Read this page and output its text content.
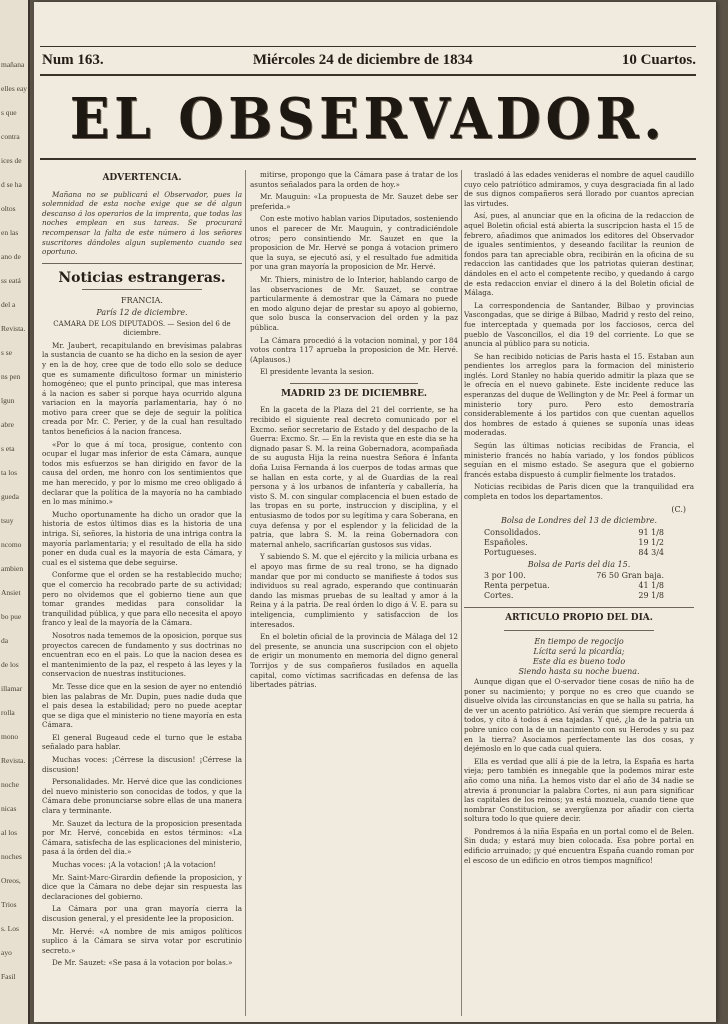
mañana
elles eay
s que
contra
ices de
d se ha
oltos
en las
ano de
ss eatá
del a
Revista.
s se
ns pen
lgun
abre
s eta
ta los
gueda
tsuy
ncomo
ambien
Ansiet
bo pue
da
de los
illamar
rolla
mono
Revista.
noche
nicas
al los
noches
Oreos,
Trios
s. Los
ayo
Fasil
Num 163.	Miércoles 24 de diciembre de 1834	10 Cuartos.
EL OBSERVADOR.
ADVERTENCIA.
Mañana no se publicará el Observador, pues la solemnidad de esta noche exige que se dé algun descanso á los operarios de la imprenta, que todas las noches emplean en sus tareas. Se procurará recompensar la falta de este número á los señores suscritores dándoles algun suplemento cuando sea oportuno.
Noticias estrangeras.
FRANCIA.
París 12 de diciembre.
CAMARA DE LOS DIPUTADOS. — Sesion del 6 de diciembre.
Mr. Jaubert, recapitulando en brevísimas palabras la sustancia de cuanto se ha dicho en la sesion de ayer y en la de hoy, cree que de todo ello solo se deduce que es sumamente dificultoso formar un ministerio homogéneo; que el punto principal, que mas interesa á la nacion es saber si porque haya ocurrido alguna variacion en la mayoría parlamentaria, hay ó no motivo para creer que se deje de seguir la política creada por Mr. C. Perier, y de la cual han resultado tantos beneficios á la nacion francesa.
«Por lo que á mí toca, prosigue, contento con ocupar el lugar mas inferior de esta Cámara, aunque todos mis esfuerzos se han dirigido en favor de la causa del orden, me honro con los sentimientos que me han merecido, y por lo mismo me creo obligado á declarar que la política de la mayoría no ha cambiado en lo mas mínimo.»
Mucho oportunamente ha dicho un orador que la historia de estos últimos dias es la historia de una intriga. Sí, señores, la historia de una intriga contra la mayoría parlamentaria; y el resultado de ella ha sido poner en duda cual es la mayoría de esta Cámara, y cual es el sistema que debe seguirse.
Conforme que el orden se ha restablecido mucho; que el comercio ha recobrado parte de su actividad; pero no olvidemos que el gobierno tiene aun que tomar grandes medidas para consolidar la tranquilidad pública, y que para ello necesita el apoyo franco y leal de la mayoría de la Cámara.
Nosotros nada tememos de la oposicion, porque sus proyectos carecen de fundamento y sus doctrinas no encuentran eco en el pais. Lo que la nacion desea es el mantenimiento de la paz, el respeto á las leyes y la conservacion de nuestras instituciones.
Mr. Tesse dice que en la sesion de ayer no entendió bien las palabras de Mr. Dupin, pues nadie duda que el pais desea la estabilidad; pero no puede aceptar que se diga que el ministerio no tiene mayoría en esta Cámara.
El general Bugeaud cede el turno que le estaba señalado para hablar.
Muchas voces: ¡Cérrese la discusion! ¡Cérrese la discusion!
Personalidades. Mr. Hervé dice que las condiciones del nuevo ministerio son conocidas de todos, y que la Cámara debe pronunciarse sobre ellas de una manera clara y terminante.
Mr. Sauzet da lectura de la proposicion presentada por Mr. Hervé, concebida en estos términos: «La Cámara, satisfecha de las esplicaciones del ministerio, pasa á la órden del dia.»
Muchas voces: ¡A la votacion! ¡A la votacion!
Mr. Saint-Marc-Girardin defiende la proposicion, y dice que la Cámara no debe dejar sin respuesta las declaraciones del gobierno.
La Cámara por una gran mayoría cierra la discusion general, y el presidente lee la proposicion.
Mr. Hervé: «A nombre de mis amigos políticos suplico á la Cámara se sirva votar por escrutinio secreto.»
De Mr. Sauzet: «Se pasa á la votacion por bolas.»
mitirse, propongo que la Cámara pase á tratar de los asuntos señalados para la orden de hoy.»
Mr. Mauguin: «La propuesta de Mr. Sauzet debe ser preferida.»
Con este motivo hablan varios Diputados, sosteniendo unos el parecer de Mr. Mauguin, y contradiciéndole otros; pero consintiendo Mr. Sauzet en que la proposicion de Mr. Hervé se ponga á votacion primero que la suya, se ejecutó así, y el resultado fue admitida por una gran mayoría la proposicion de Mr. Hervé.
Mr. Thiers, ministro de lo Interior, hablando cargo de las observaciones de Mr. Sauzet, se contrae particularmente á demostrar que la Cámara no puede en modo alguno dejar de prestar su apoyo al gobierno, que solo busca la conservacion del orden y la paz pública.
La Cámara procedió á la votacion nominal, y por 184 votos contra 117 aprueba la proposicion de Mr. Hervé. (Aplausos.)
El presidente levanta la sesion.
MADRID 23 DE DICIEMBRE.
En la gaceta de la Plaza del 21 del corriente, se ha recibido el siguiente real decreto comunicado por el Excmo. señor secretario de Estado y del despacho de la Guerra: Excmo. Sr. — En la revista que en este dia se ha dignado pasar S. M. la reina Gobernadora, acompañada de su augusta Hija la reina nuestra Señora é Infanta doña Luisa Fernanda á los cuerpos de todas armas que se hallan en esta corte, y al de Guardias de la real persona y á los urbanos de infantería y caballería, ha visto S. M. con singular complacencia el buen estado de las tropas en su porte, instruccion y disciplina, y el entusiasmo de todos por su legítima y cara Soberana, en cuya defensa y por el esplendor y la felicidad de la patria, que labra S. M. la reina Gobernadora con maternal anhelo, sacrificarían gustosos sus vidas.
Y sabiendo S. M. que el ejército y la milicia urbana es el apoyo mas firme de su real trono, se ha dignado mandar que por mi conducto se manifieste á todos sus individuos su real agrado, esperando que continuarán dando las mismas pruebas de su lealtad y amor á la Reina y á la patria. De real órden lo digo á V. E. para su inteligencia, cumplimiento y satisfaccion de los interesados.
En el boletin oficial de la provincia de Málaga del 12 del presente, se anuncia una suscripcion con el objeto de erigir un monumento en memoria del digno general Torrijos y de sus compañeros fusilados en aquella capital, como víctimas sacrificadas en defensa de las libertades pátrias.
trasladó á las edades venideras el nombre de aquel caudillo cuyo celo patriótico admiramos, y cuya desgraciada fin al lado de sus dignos compañeros será llorado por cuantos aprecian las virtudes.
Así, pues, al anunciar que en la oficina de la redaccion de aquel Boletin oficial está abierta la suscripcion hasta el 15 de febrero, añadimos que animados los editores del Observador de iguales sentimientos, y deseando facilitar la reunion de fondos para tan apreciable obra, recibirán en la oficina de su redaccion las cantidades que los patriotas quieran destinar, dándoles en el acto el competente recibo, y quedando á cargo de esta redaccion enviar el dinero á la del Boletin oficial de Málaga.
La correspondencia de Santander, Bilbao y provincias Vascongadas, que se dirige á Bilbao, Madrid y resto del reino, fue interceptada y quemada por los facciosos, cerca del pueblo de Vasconcillos, el dia 19 del corriente. Lo que se anuncia al público para su noticia.
Se han recibido noticias de Paris hasta el 15. Estaban aun pendientes los arreglos para la formacion del ministerio inglés. Lord Stanley no había querido admitir la plaza que se le ofrecía en el nuevo gabinete. Este incidente reduce las esperanzas del duque de Wellington y de Mr. Peel á formar un ministerio tory puro. Pero esto demostraría considerablemente á los partidos con que cuentan aquellos dos hombres de estado á quienes se suponía unas ideas moderadas.
Según las últimas noticias recibidas de Francia, el ministerio francés no había variado, y los fondos públicos seguían en el mismo estado. Se asegura que el gobierno francés estaba dispuesto á cumplir fielmente los tratados.
Noticias recibidas de Paris dicen que la tranquilidad era completa en todos los departamentos.
(C.)
Bolsa de Londres del 13 de diciembre.
Consolidados.	91 1/8
Españoles.	19 1/2
Portugueses.	84 3/4
Bolsa de Paris del dia 15.
3 por 100.	76 50 Gran baja.
Renta perpetua.	41 1/8
Cortes.	29 1/8
ARTICULO PROPIO DEL DIA.
En tiempo de regocijo
Lícita será la picardía;
Este dia es bueno todo
Siendo hasta su noche buena.
Aunque digan que el O-servador tiene cosas de niño ha de poner su nacimiento; y porque no es creo que cuando se disuelve olvida las circunstancias en que se halla su patria, ha de ver un acento patriótico. Así verán que siempre recuerda á todos, y cito á todos á esa tajadas. Y qué, ¿la de la patria un pobre unico con la de un nacimiento con su Herodes y su paz en la tierra? Asociamos perfectamente las dos cosas, y dejémoslo en lo que cada cual quiera.
Ella es verdad que allí á pie de la letra, la España es harta vieja; pero también es innegable que la podemos mirar este año como una niña. La hemos visto dar el año de 34 nadie se atrevia á pronunciar la palabra Cortes, ni aun para significar las capitales de los reinos; ya está mozuela, cuando tiene que nombrar Constitucion, se avergüenza por añadir con cierta soltura todo lo que quiere decir.
Pondremos á la niña España en un portal como el de Belen. Sin duda; y estará muy bien colocada. Esa pobre portal en edificio arruinado; ¡y qué encuentra España cuando roman por el escoso de un edificio en otros tiempos magnífico!
